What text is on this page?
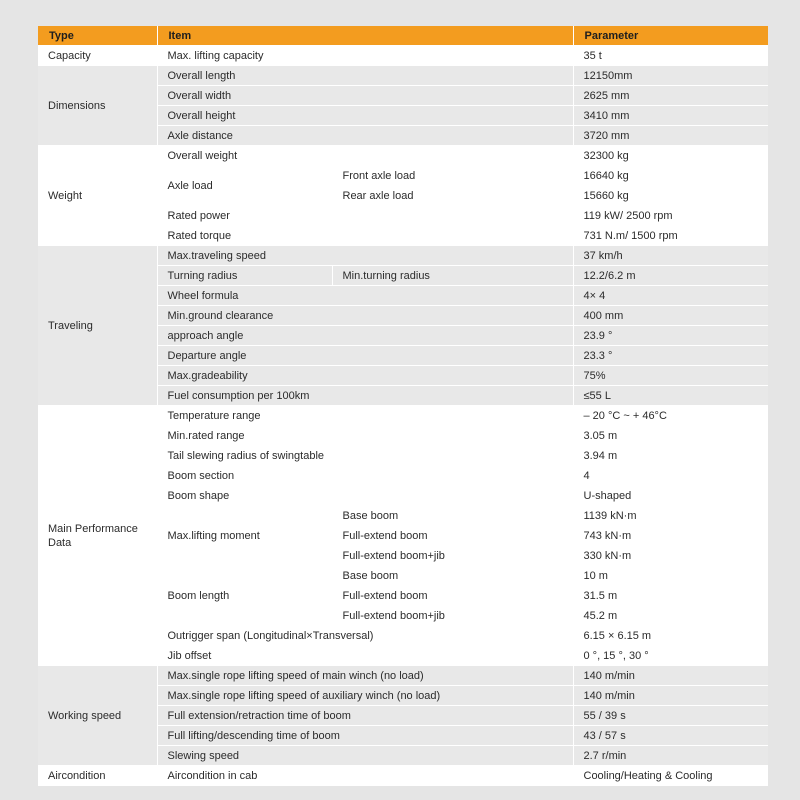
Type	Item		Parameter
Capacity	Max. lifting capacity		35 t
Dimensions	Overall length		12150mm
	Overall width		2625 mm
	Overall height		3410 mm
	Axle distance		3720 mm
Weight	Overall weight		32300 kg
	Axle load	Front axle load	16640 kg
		Rear axle load	15660 kg
	Rated power		119 kW/ 2500 rpm
	Rated torque		731 N.m/ 1500 rpm
Traveling	Max.traveling speed		37 km/h
	Turning radius	Min.turning radius	12.2/6.2 m
	Wheel formula		4× 4
	Min.ground clearance		400 mm
	approach angle		23.9 °
	Departure angle		23.3 °
	Max.gradeability		75%
	Fuel consumption per 100km		≤55 L
Main Performance Data	Temperature range		– 20 °C ~ + 46°C
	Min.rated range		3.05 m
	Tail slewing radius of swingtable		3.94 m
	Boom section		4
	Boom shape		U-shaped
	Max.lifting moment	Base boom	1139 kN·m
		Full-extend boom	743 kN·m
		Full-extend boom+jib	330 kN·m
	Boom length	Base boom	10 m
		Full-extend boom	31.5 m
		Full-extend boom+jib	45.2 m
	Outrigger span (Longitudinal×Transversal)		6.15 × 6.15 m
	Jib offset		0 °, 15 °, 30 °
Working speed	Max.single rope lifting speed of main winch (no load)		140 m/min
	Max.single rope lifting speed of auxiliary winch (no load)		140 m/min
	Full extension/retraction time of boom		55 / 39 s
	Full lifting/descending time of boom		43 / 57 s
	Slewing speed		2.7 r/min
Aircondition	Aircondition in cab		Cooling/Heating & Cooling
